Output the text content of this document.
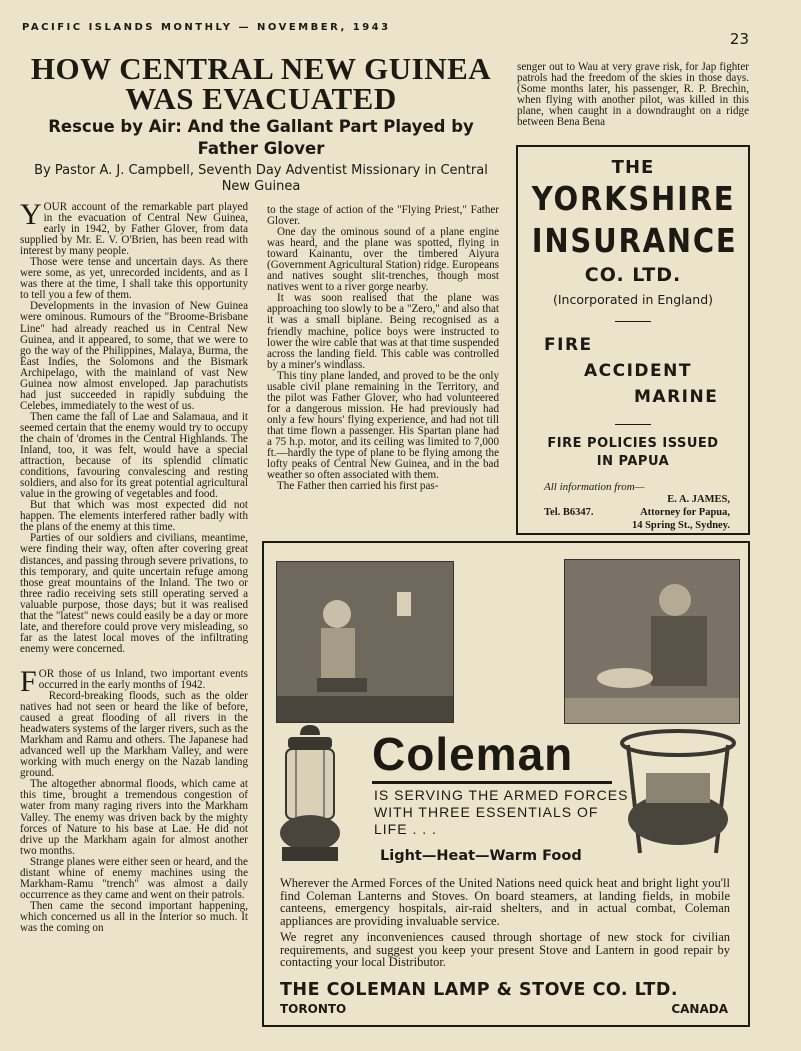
PACIFIC ISLANDS MONTHLY — NOVEMBER, 1943
23
HOW CENTRAL NEW GUINEA WAS EVACUATED
Rescue by Air: And the Gallant Part Played by Father Glover
By Pastor A. J. Campbell, Seventh Day Adventist Missionary in Central New Guinea

YOUR account of the remarkable part played in the evacuation of Central New Guinea, early in 1942, by Father Glover, from data supplied by Mr. E. V. O'Brien, has been read with interest by many people.

Those were tense and uncertain days. As there were some, as yet, unrecorded incidents, and as I was there at the time, I shall take this opportunity to tell you a few of them.

Developments in the invasion of New Guinea were ominous. Rumours of the "Broome-Brisbane Line" had already reached us in Central New Guinea, and it appeared, to some, that we were to go the way of the Philippines, Malaya, Burma, the East Indies, the Solomons and the Bismark Archipelago, with the mainland of vast New Guinea now almost enveloped. Jap parachutists had just succeeded in rapidly subduing the Celebes, immediately to the west of us.

Then came the fall of Lae and Salamaua, and it seemed certain that the enemy would try to occupy the chain of 'dromes in the Central Highlands. The Inland, too, it was felt, would have a special attraction, because of its splendid climatic conditions, favouring convalescing and resting soldiers, and also for its great potential agricultural value in the growing of vegetables and food.

But that which was most expected did not happen. The elements interfered rather badly with the plans of the enemy at this time.

Parties of our soldiers and civilians, meantime, were finding their way, often after covering great distances, and passing through severe privations, to this temporary, and quite uncertain refuge among those great mountains of the Inland. The two or three radio receiving sets still operating served a valuable purpose, those days; but it was realised that the "latest" news could easily be a day or more late, and therefore could prove very misleading, so far as the latest local moves of the infiltrating enemy were concerned.

FOR those of us Inland, two important events occurred in the early months of 1942.

Record-breaking floods, such as the older natives had not seen or heard the like of before, caused a great flooding of all rivers in the headwaters systems of the larger rivers, such as the Markham and Ramu and others. The Japanese had advanced well up the Markham Valley, and were working with much energy on the Nazab landing ground.

The altogether abnormal floods, which came at this time, brought a tremendous congestion of water from many raging rivers into the Markham Valley. The enemy was driven back by the mighty forces of Nature to his base at Lae. He did not drive up the Markham again for almost another two months.

Strange planes were either seen or heard, and the distant whine of enemy machines using the Markham-Ramu "trench" was almost a daily occurrence as they came and went on their patrols.

Then came the second important happening, which concerned us all in the Interior so much. It was the coming on

to the stage of action of the "Flying Priest," Father Glover.

One day the ominous sound of a plane engine was heard, and the plane was spotted, flying in toward Kainantu, over the timbered Aiyura (Government Agricultural Station) ridge. Europeans and natives sought slit-trenches, though most natives went to a river gorge nearby.

It was soon realised that the plane was approaching too slowly to be a "Zero," and also that it was a small biplane. Being recognised as a friendly machine, police boys were instructed to lower the wire cable that was at that time suspended across the landing field. This cable was controlled by a miner's windlass.

This tiny plane landed, and proved to be the only usable civil plane remaining in the Territory, and the pilot was Father Glover, who had volunteered for a dangerous mission. He had previously had only a few hours' flying experience, and had not till that time flown a passenger. His Spartan plane had a 75 h.p. motor, and its ceiling was limited to 7,000 ft.—hardly the type of plane to be flying among the lofty peaks of Central New Guinea, and in the bad weather so often associated with them.

The Father then carried his first pas-

senger out to Wau at very grave risk, for Jap fighter patrols had the freedom of the skies in those days. (Some months later, his passenger, R. P. Brechin, when flying with another pilot, was killed in this plane, when caught in a downdraught on a ridge between Bena Bena

THE
YORKSHIRE
INSURANCE
CO. LTD.
(Incorporated in England)
FIRE
ACCIDENT
MARINE
FIRE POLICIES ISSUED
IN PAPUA
All information from—
E. A. JAMES,
Tel. B6347.	Attorney for Papua,
14 Spring St., Sydney.
Coleman
IS SERVING THE ARMED FORCES
WITH THREE ESSENTIALS OF
LIFE . . .
Light—Heat—Warm Food

Wherever the Armed Forces of the United Nations need quick heat and bright light you'll find Coleman Lanterns and Stoves. On board steamers, at landing fields, in mobile canteens, emergency hospitals, air-raid shelters, and in actual combat, Coleman appliances are providing invaluable service.

We regret any inconveniences caused through shortage of new stock for civilian requirements, and suggest you keep your present Stove and Lantern in good repair by contacting your local Distributor.

THE COLEMAN LAMP & STOVE CO. LTD.
TORONTO	CANADA
